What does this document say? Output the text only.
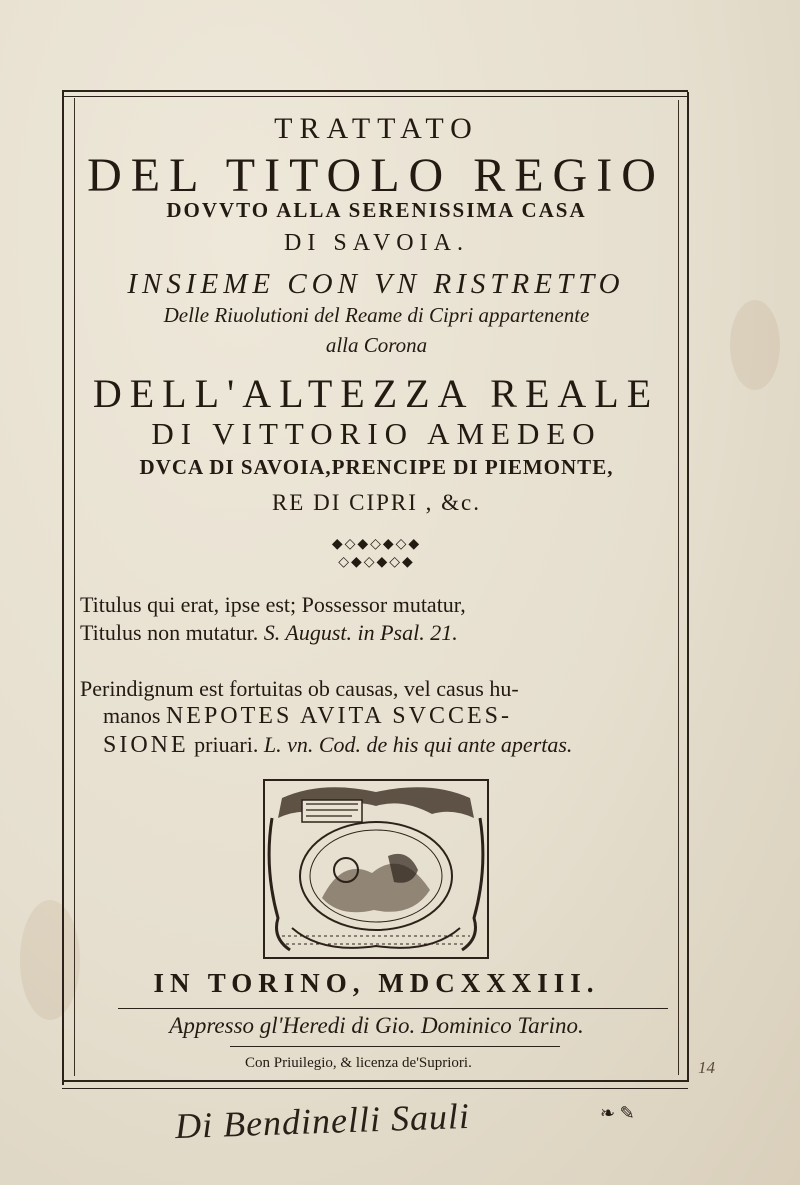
TRATTATO
DEL TITOLO REGIO
DOVVTO ALLA SERENISSIMA CASA
DI SAVOIA.
INSIEME CON VN RISTRETTO
Delle Riuolutioni del Reame di Cipri appartenente
alla Corona
DELL'ALTEZZA REALE
DI VITTORIO AMEDEO
DVCA DI SAVOIA,PRENCIPE DI PIEMONTE,
RE DI CIPRI , &c.
◆◇◆◇◆◇◆
◇◆◇◆◇◆
Titulus qui erat, ipse est; Possessor mutatur,
Titulus non mutatur. S. August. in Psal. 21.
Perindignum est fortuitas ob causas, vel casus hu-
manos NEPOTES AVITA SVCCES-
SIONE priuari. L. vn. Cod. de his qui ante apertas.
IN TORINO, MDCXXXIII.
Appresso gl'Heredi di Gio. Dominico Tarino.
Con Priuilegio, & licenza de'Supriori.	14
Di Bendinelli Sauli	❧ ✎
